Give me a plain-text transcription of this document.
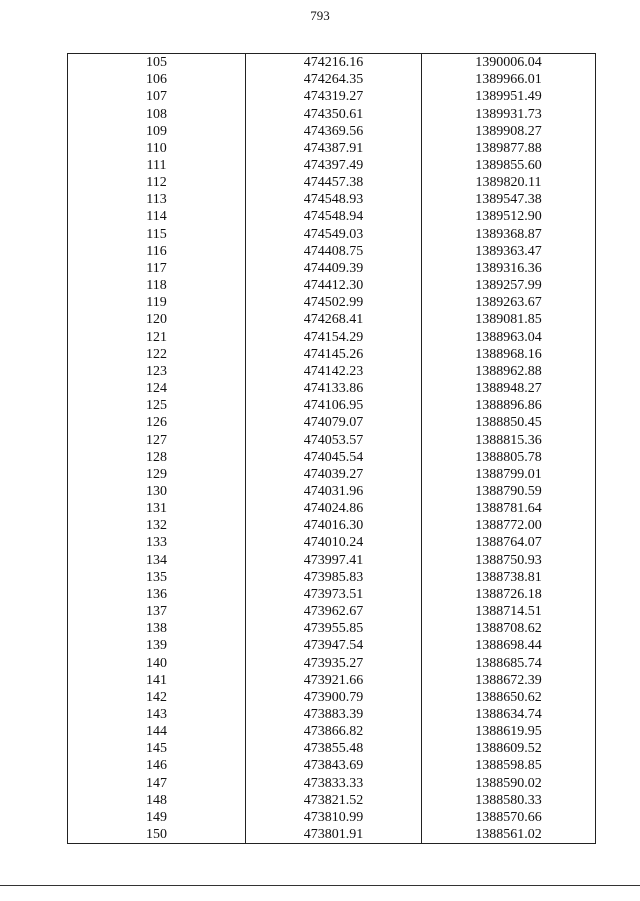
793
105	474216.16	1390006.04
106	474264.35	1389966.01
107	474319.27	1389951.49
108	474350.61	1389931.73
109	474369.56	1389908.27
110	474387.91	1389877.88
111	474397.49	1389855.60
112	474457.38	1389820.11
113	474548.93	1389547.38
114	474548.94	1389512.90
115	474549.03	1389368.87
116	474408.75	1389363.47
117	474409.39	1389316.36
118	474412.30	1389257.99
119	474502.99	1389263.67
120	474268.41	1389081.85
121	474154.29	1388963.04
122	474145.26	1388968.16
123	474142.23	1388962.88
124	474133.86	1388948.27
125	474106.95	1388896.86
126	474079.07	1388850.45
127	474053.57	1388815.36
128	474045.54	1388805.78
129	474039.27	1388799.01
130	474031.96	1388790.59
131	474024.86	1388781.64
132	474016.30	1388772.00
133	474010.24	1388764.07
134	473997.41	1388750.93
135	473985.83	1388738.81
136	473973.51	1388726.18
137	473962.67	1388714.51
138	473955.85	1388708.62
139	473947.54	1388698.44
140	473935.27	1388685.74
141	473921.66	1388672.39
142	473900.79	1388650.62
143	473883.39	1388634.74
144	473866.82	1388619.95
145	473855.48	1388609.52
146	473843.69	1388598.85
147	473833.33	1388590.02
148	473821.52	1388580.33
149	473810.99	1388570.66
150	473801.91	1388561.02
